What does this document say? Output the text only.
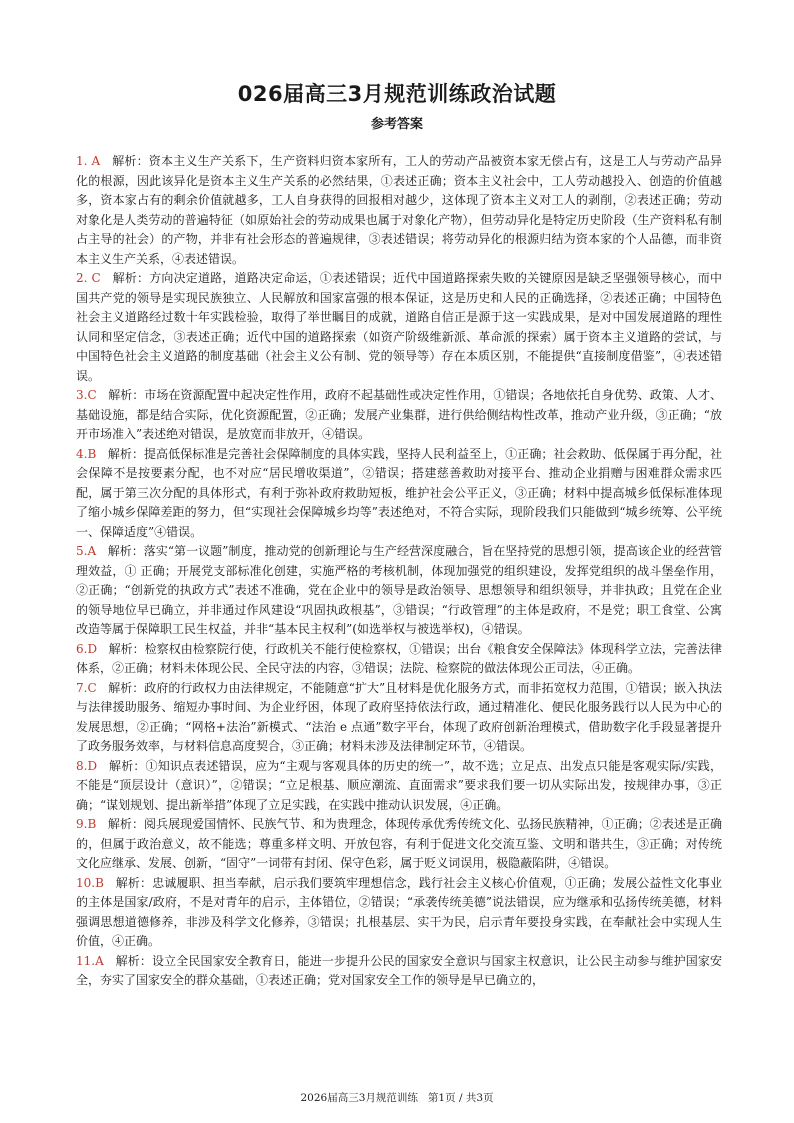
026届高三3月规范训练政治试题
参考答案

1. A 解析：资本主义生产关系下，生产资料归资本家所有，工人的劳动产品被资本家无偿占有，这是工人与劳动产品异化的根源，因此该异化是资本主义生产关系的必然结果，①表述正确；资本主义社会中，工人劳动越投入、创造的价值越多，资本家占有的剩余价值就越多，工人自身获得的回报相对越少，这体现了资本主义对工人的剥削，②表述正确；劳动对象化是人类劳动的普遍特征（如原始社会的劳动成果也属于对象化产物），但劳动异化是特定历史阶段（生产资料私有制占主导的社会）的产物，并非有社会形态的普遍规律，③表述错误；将劳动异化的根源归结为资本家的个人品德，而非资本主义生产关系，④表述错误。

2. C 解析：方向决定道路，道路决定命运，①表述错误；近代中国道路探索失败的关键原因是缺乏坚强领导核心，而中国共产党的领导是实现民族独立、人民解放和国家富强的根本保证，这是历史和人民的正确选择，②表述正确；中国特色社会主义道路经过数十年实践检验，取得了举世瞩目的成就，道路自信正是源于这一实践成果，是对中国发展道路的理性认同和坚定信念，③表述正确；近代中国的道路探索（如资产阶级维新派、革命派的探索）属于资本主义道路的尝试，与中国特色社会主义道路的制度基础（社会主义公有制、党的领导等）存在本质区别，不能提供“直接制度借鉴”，④表述错误。

3.C 解析：市场在资源配置中起决定性作用，政府不起基础性或决定性作用，①错误；各地依托自身优势、政策、人才、基础设施，都是结合实际，优化资源配置，②正确；发展产业集群，进行供给侧结构性改革，推动产业升级，③正确；“放开市场准入”表述绝对错误，是放宽而非放开，④错误。

4.B 解析：提高低保标准是完善社会保障制度的具体实践，坚持人民利益至上，①正确；社会救助、低保属于再分配，社会保障不是按要素分配，也不对应“居民增收渠道”，②错误；搭建慈善救助对接平台、推动企业捐赠与困难群众需求匹配，属于第三次分配的具体形式，有利于弥补政府救助短板，维护社会公平正义，③正确；材料中提高城乡低保标准体现了缩小城乡保障差距的努力，但“实现社会保障城乡均等”表述绝对，不符合实际，现阶段我们只能做到“城乡统筹、公平统一、保障适度”④错误。

5.A 解析：落实“第一议题”制度，推动党的创新理论与生产经营深度融合，旨在坚持党的思想引领，提高该企业的经营管理效益，① 正确；开展党支部标准化创建，实施严格的考核机制，体现加强党的组织建设，发挥党组织的战斗堡垒作用，②正确；“创新党的执政方式”表述不准确，党在企业中的领导是政治领导、思想领导和组织领导，并非执政；且党在企业的领导地位早已确立，并非通过作风建设“巩固执政根基”，③错误；“行政管理”的主体是政府，不是党；职工食堂、公寓改造等属于保障职工民生权益，并非“基本民主权利”(如选举权与被选举权)，④错误。

6.D 解析：检察权由检察院行使，行政机关不能行使检察权，①错误；出台《粮食安全保障法》体现科学立法，完善法律体系，②正确；材料未体现公民、全民守法的内容，③错误；法院、检察院的做法体现公正司法，④正确。

7.C 解析：政府的行政权力由法律规定，不能随意“扩大”且材料是优化服务方式，而非拓宽权力范围，①错误；嵌入执法与法律援助服务、缩短办事时间、为企业纾困，体现了政府坚持依法行政，通过精准化、便民化服务践行以人民为中心的发展思想，②正确；“网格+法治”新模式、“法治 e 点通”数字平台，体现了政府创新治理模式，借助数字化手段显著提升了政务服务效率，与材料信息高度契合，③正确；材料未涉及法律制定环节，④错误。

8.D 解析：①知识点表述错误，应为“主观与客观具体的历史的统一”，故不选；立足点、出发点只能是客观实际/实践，不能是“顶层设计（意识）”，②错误；“立足根基、顺应潮流、直面需求”要求我们要一切从实际出发，按规律办事，③正确；“谋划规划、提出新举措”体现了立足实践，在实践中推动认识发展，④正确。

9.B 解析：阅兵展现爱国情怀、民族气节、和为贵理念，体现传承优秀传统文化、弘扬民族精神，①正确；②表述是正确的，但属于政治意义，故不能选；尊重多样文明、开放包容，有利于促进文化交流互鉴、文明和谐共生，③正确；对传统文化应继承、发展、创新，“固守”一词带有封闭、保守色彩，属于贬义词误用，极隐蔽陷阱，④错误。

10.B 解析：忠诚履职、担当奉献，启示我们要筑牢理想信念，践行社会主义核心价值观，①正确；发展公益性文化事业的主体是国家/政府，不是对青年的启示，主体错位，②错误；“承袭传统美德”说法错误，应为继承和弘扬传统美德，材料强调思想道德修养，非涉及科学文化修养，③错误；扎根基层、实干为民，启示青年要投身实践，在奉献社会中实现人生价值，④正确。

11.A 解析：设立全民国家安全教育日，能进一步提升公民的国家安全意识与国家主权意识，让公民主动参与维护国家安全，夯实了国家安全的群众基础，①表述正确；党对国家安全工作的领导是早已确立的，

2026届高三3月规范训练 第1页 / 共3页
